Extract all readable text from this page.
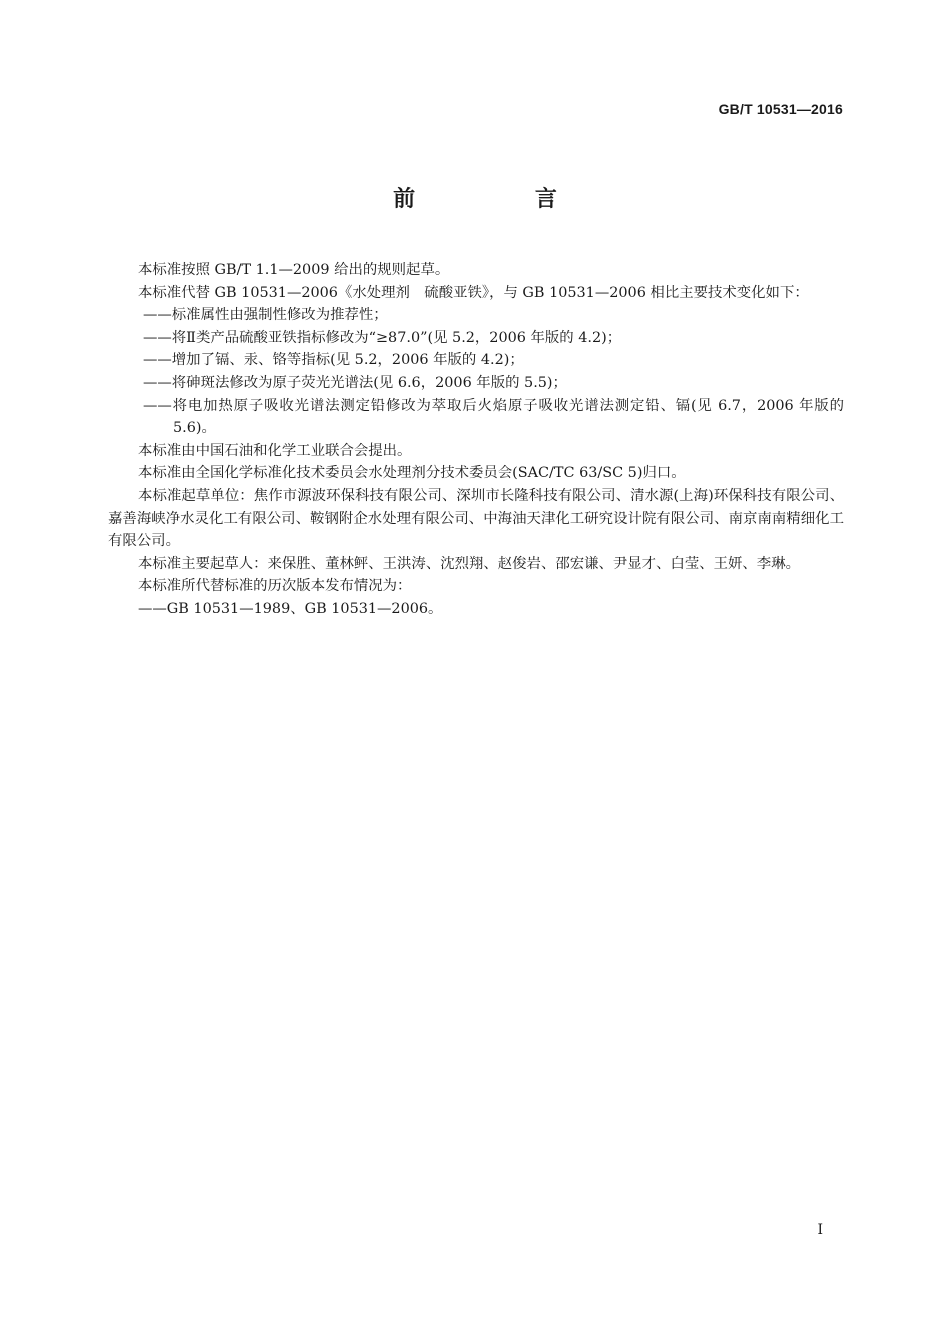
GB/T 10531—2016
前 言

本标准按照 GB/T 1.1—2009 给出的规则起草。

本标准代替 GB 10531—2006《水处理剂　硫酸亚铁》，与 GB 10531—2006 相比主要技术变化如下：

——标准属性由强制性修改为推荐性；

——将Ⅱ类产品硫酸亚铁指标修改为“≥87.0”(见 5.2，2006 年版的 4.2)；

——增加了镉、汞、铬等指标(见 5.2，2006 年版的 4.2)；

——将砷斑法修改为原子荧光光谱法(见 6.6，2006 年版的 5.5)；

——将电加热原子吸收光谱法测定铅修改为萃取后火焰原子吸收光谱法测定铅、镉(见 6.7，2006 年版的 5.6)。

本标准由中国石油和化学工业联合会提出。

本标准由全国化学标准化技术委员会水处理剂分技术委员会(SAC/TC 63/SC 5)归口。

本标准起草单位：焦作市源波环保科技有限公司、深圳市长隆科技有限公司、清水源(上海)环保科技有限公司、嘉善海峡净水灵化工有限公司、鞍钢附企水处理有限公司、中海油天津化工研究设计院有限公司、南京南南精细化工有限公司。

本标准主要起草人：来保胜、董林鲆、王洪涛、沈烈翔、赵俊岩、邵宏谦、尹显才、白莹、王妍、李琳。

本标准所代替标准的历次版本发布情况为：

——GB 10531—1989、GB 10531—2006。

I
